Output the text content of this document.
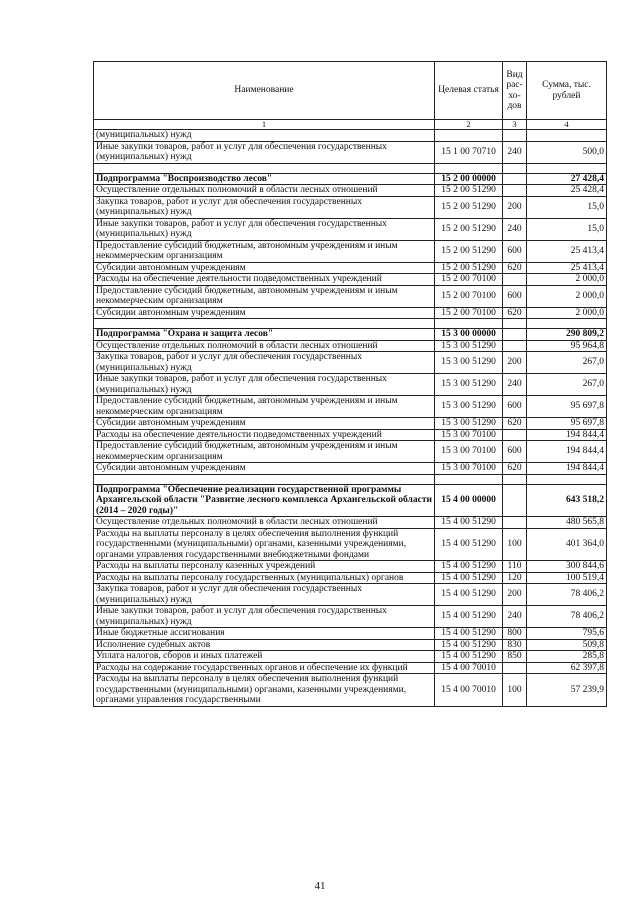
Наименование	Целевая статья	Вид рас-хо-дов	Сумма, тыс. рублей
1	2	3	4
(муниципальных) нужд			
Иные закупки товаров, работ и услуг для обеспечения государственных (муниципальных) нужд	15 1 00 70710	240	500,0

Подпрограмма "Воспроизводство лесов"	15 2 00 00000		27 428,4
Осуществление отдельных полномочий в области лесных отношений	15 2 00 51290		25 428,4
Закупка товаров, работ и услуг для обеспечения государственных (муниципальных) нужд	15 2 00 51290	200	15,0
Иные закупки товаров, работ и услуг для обеспечения государственных (муниципальных) нужд	15 2 00 51290	240	15,0
Предоставление субсидий бюджетным, автономным учреждениям и иным некоммерческим организациям	15 2 00 51290	600	25 413,4
Субсидии автономным учреждениям	15 2 00 51290	620	25 413,4
Расходы на обеспечение деятельности подведомственных учреждений	15 2 00 70100		2 000,0
Предоставление субсидий бюджетным, автономным учреждениям и иным некоммерческим организациям	15 2 00 70100	600	2 000,0
Субсидии автономным учреждениям	15 2 00 70100	620	2 000,0

Подпрограмма "Охрана и защита лесов"	15 3 00 00000		290 809,2
Осуществление отдельных полномочий в области лесных отношений	15 3 00 51290		95 964,8
Закупка товаров, работ и услуг для обеспечения государственных (муниципальных) нужд	15 3 00 51290	200	267,0
Иные закупки товаров, работ и услуг для обеспечения государственных (муниципальных) нужд	15 3 00 51290	240	267,0
Предоставление субсидий бюджетным, автономным учреждениям и иным некоммерческим организациям	15 3 00 51290	600	95 697,8
Субсидии автономным учреждениям	15 3 00 51290	620	95 697,8
Расходы на обеспечение деятельности подведомственных учреждений	15 3 00 70100		194 844,4
Предоставление субсидий бюджетным, автономным учреждениям и иным некоммерческим организациям	15 3 00 70100	600	194 844,4
Субсидии автономным учреждениям	15 3 00 70100	620	194 844,4

Подпрограмма "Обеспечение реализации государственной программы Архангельской области "Развитие лесного комплекса Архангельской области (2014 – 2020 годы)"	15 4 00 00000		643 518,2
Осуществление отдельных полномочий в области лесных отношений	15 4 00 51290		480 565,8
Расходы на выплаты персоналу в целях обеспечения выполнения функций государственными (муниципальными) органами, казенными учреждениями, органами управления государственными внебюджетными фондами	15 4 00 51290	100	401 364,0
Расходы на выплаты персоналу казенных учреждений	15 4 00 51290	110	300 844,6
Расходы на выплаты персоналу государственных (муниципальных) органов	15 4 00 51290	120	100 519,4
Закупка товаров, работ и услуг для обеспечения государственных (муниципальных) нужд	15 4 00 51290	200	78 406,2
Иные закупки товаров, работ и услуг для обеспечения государственных (муниципальных) нужд	15 4 00 51290	240	78 406,2
Иные бюджетные ассигнования	15 4 00 51290	800	795,6
Исполнение судебных актов	15 4 00 51290	830	509,8
Уплата налогов, сборов и иных платежей	15 4 00 51290	850	285,8
Расходы на содержание государственных органов и обеспечение их функций	15 4 00 70010		62 397,8
Расходы на выплаты персоналу в целях обеспечения выполнения функций государственными (муниципальными) органами, казенными учреждениями, органами управления государственными	15 4 00 70010	100	57 239,9
41
